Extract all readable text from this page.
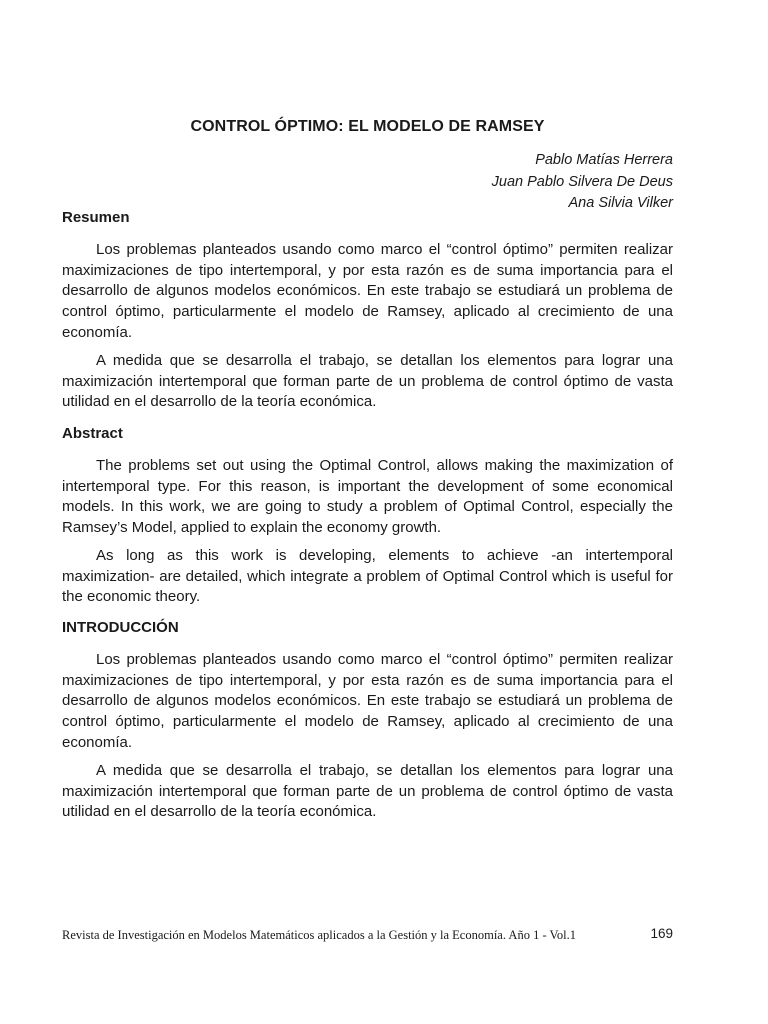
CONTROL ÓPTIMO: EL MODELO DE RAMSEY
Pablo Matías Herrera
Juan Pablo Silvera De Deus
Ana Silvia Vilker
Resumen

Los problemas planteados usando como marco el “control óptimo” permiten realizar maximizaciones de tipo intertemporal, y por esta razón es de suma importancia para el desarrollo de algunos modelos económicos. En este trabajo se estudiará un problema de control óptimo, particularmente el modelo de Ramsey, aplicado al crecimiento de una economía.

A medida que se desarrolla el trabajo, se detallan los elementos para lograr una maximización intertemporal que forman parte de un problema de control óptimo de vasta utilidad en el desarrollo de la teoría económica.

Abstract

The problems set out using the Optimal Control, allows making the maximization of intertemporal type. For this reason, is important the development of some economical models. In this work, we are going to study a problem of Optimal Control, especially the Ramsey’s Model, applied to explain the economy growth.

As long as this work is developing, elements to achieve -an intertemporal maximization- are detailed, which integrate a problem of Optimal Control which is useful for the economic theory.

INTRODUCCIÓN

Los problemas planteados usando como marco el “control óptimo” permiten realizar maximizaciones de tipo intertemporal, y por esta razón es de suma importancia para el desarrollo de algunos modelos económicos. En este trabajo se estudiará un problema de control óptimo, particularmente el modelo de Ramsey, aplicado al crecimiento de una economía.

A medida que se desarrolla el trabajo, se detallan los elementos para lograr una maximización intertemporal que forman parte de un problema de control óptimo de vasta utilidad en el desarrollo de la teoría económica.

Revista de Investigación en Modelos Matemáticos aplicados a la Gestión y la Economía. Año 1 - Vol.1	169
